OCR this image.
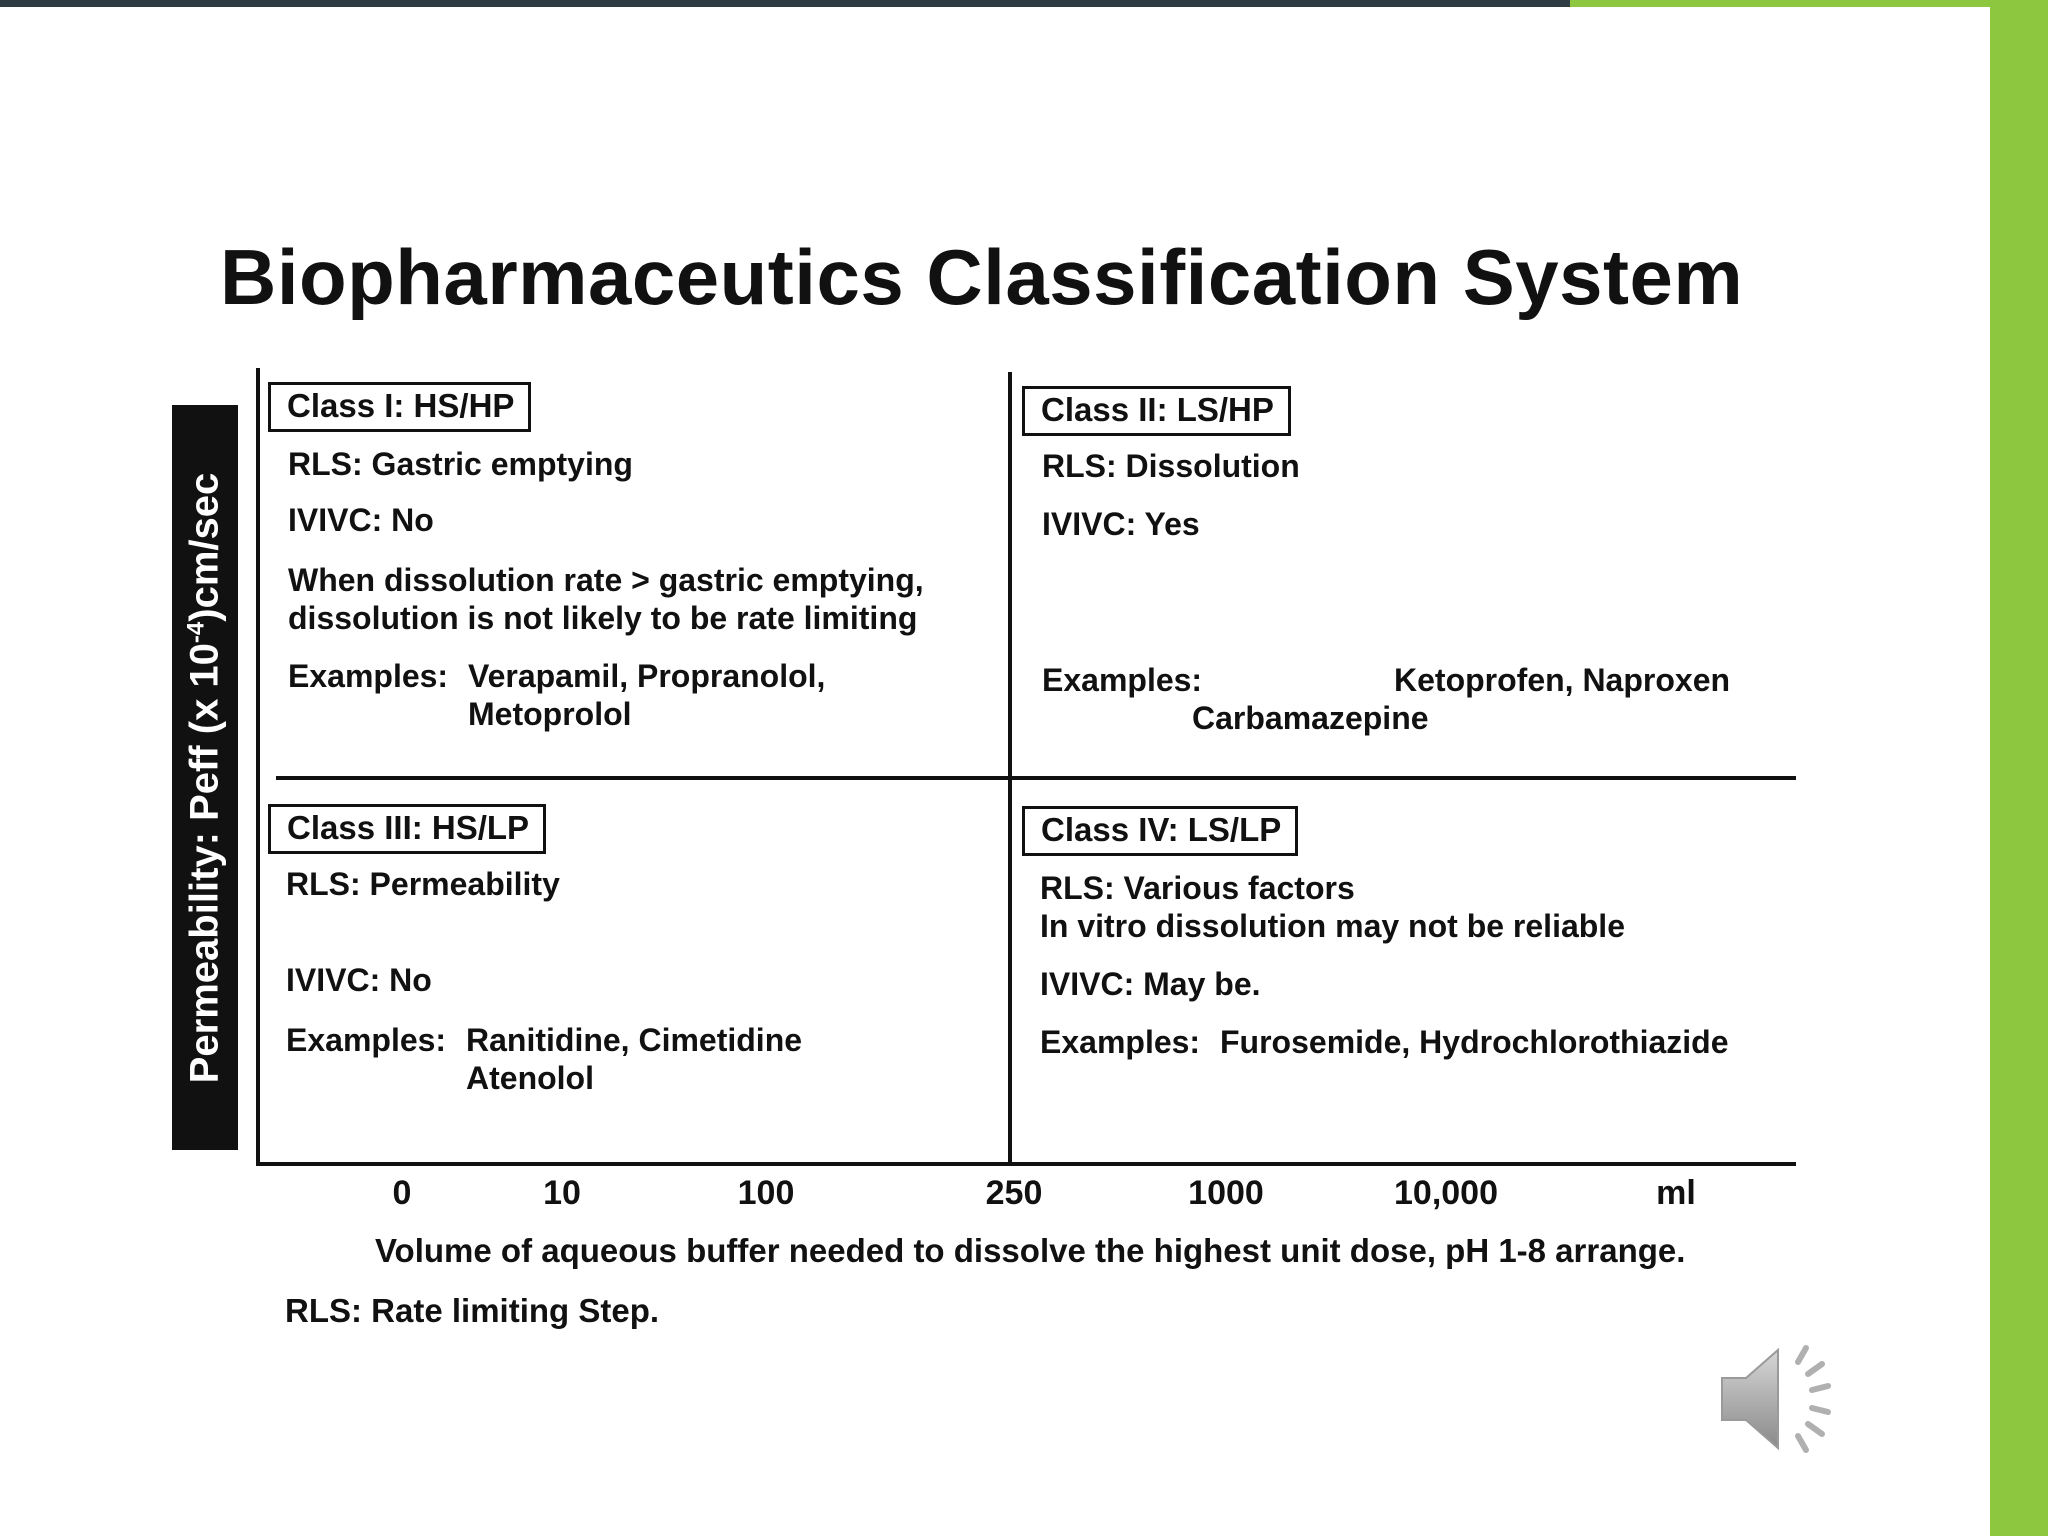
Biopharmaceutics Classification System
Permeability: Peff (x $10^{-4})cm/\sec$
Class I: HS/HP
RLS: Gastric emptying
IVIVC: No
When dissolution rate > gastric emptying,
dissolution is not likely to be rate limiting
Examples: Verapamil, Propranolol,
Metoprolol
Class II: LS/HP
RLS: Dissolution
IVIVC: Yes
Examples:	Ketoprofen, Naproxen
Carbamazepine
Class III: HS/LP
RLS: Permeability
IVIVC: No
Examples: Ranitidine, Cimetidine
Atenolol
Class IV: LS/LP
RLS: Various factors
In vitro dissolution may not be reliable
IVIVC: May be.
Examples: Furosemide, Hydrochlorothiazide
0	10	100	250	1000	10,000	ml
Volume of aqueous buffer needed to dissolve the highest unit dose, pH 1-8 arrange.
RLS: Rate limiting Step.
